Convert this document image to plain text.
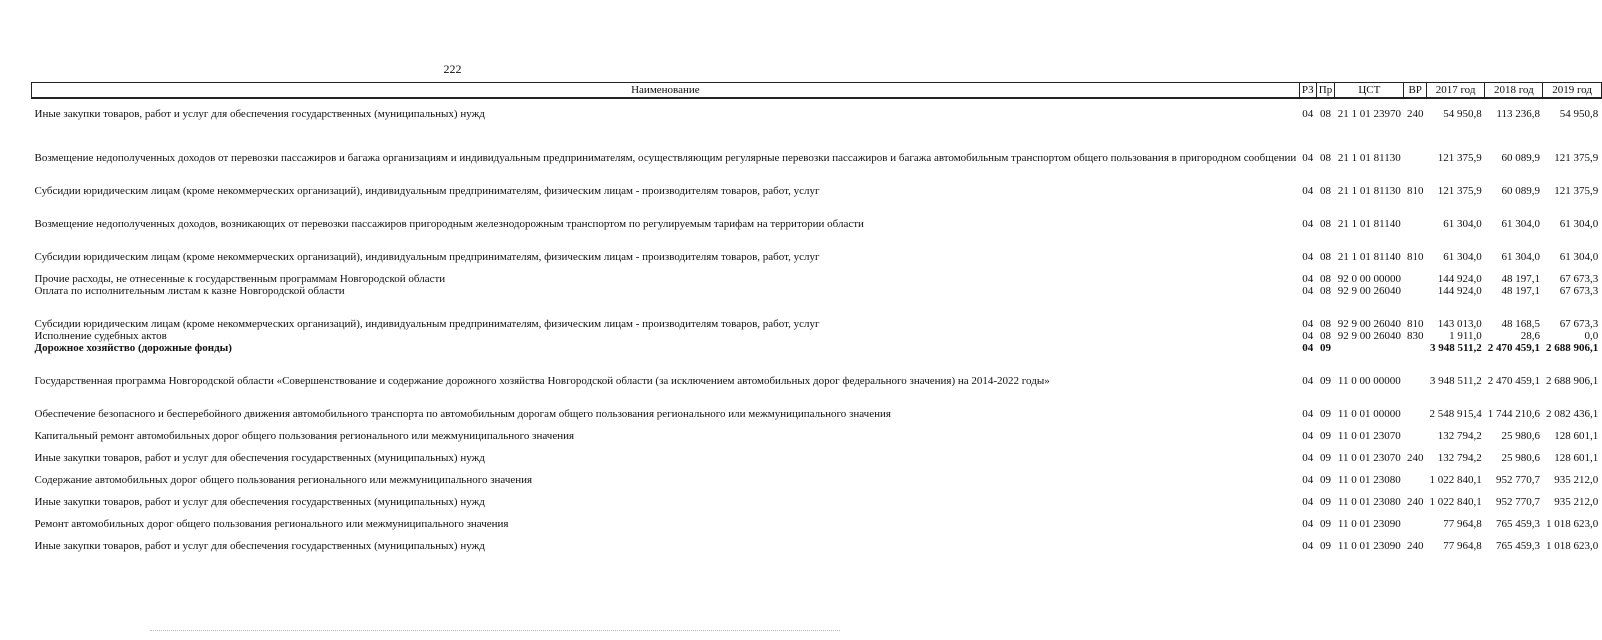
222
Наименование	РЗ	Пр	ЦСТ	ВР	2017 год	2018 год	2019 год
Иные закупки товаров, работ и услуг для обеспечения государственных (муниципальных) нужд	04	08	21 1 01 23970	240	54 950,8	113 236,8	54 950,8
Возмещение недополученных доходов от перевозки пассажиров и багажа организациям и индивидуальным предпринимателям, осуществляющим регулярные перевозки пассажиров и багажа автомобильным транспортом общего пользования в пригородном сообщении	04	08	21 1 01 81130		121 375,9	60 089,9	121 375,9
Субсидии юридическим лицам (кроме некоммерческих организаций), индивидуальным предпринимателям, физическим лицам - производителям товаров, работ, услуг	04	08	21 1 01 81130	810	121 375,9	60 089,9	121 375,9
Возмещение недополученных доходов, возникающих от перевозки пассажиров пригородным железнодорожным транспортом по регулируемым тарифам на территории области	04	08	21 1 01 81140		61 304,0	61 304,0	61 304,0
Субсидии юридическим лицам (кроме некоммерческих организаций), индивидуальным предпринимателям, физическим лицам - производителям товаров, работ, услуг	04	08	21 1 01 81140	810	61 304,0	61 304,0	61 304,0
Прочие расходы, не отнесенные к государственным программам Новгородской области	04	08	92 0 00 00000		144 924,0	48 197,1	67 673,3
Оплата по исполнительным листам к казне Новгородской области	04	08	92 9 00 26040		144 924,0	48 197,1	67 673,3
Субсидии юридическим лицам (кроме некоммерческих организаций), индивидуальным предпринимателям, физическим лицам - производителям товаров, работ, услуг	04	08	92 9 00 26040	810	143 013,0	48 168,5	67 673,3
Исполнение судебных актов	04	08	92 9 00 26040	830	1 911,0	28,6	0,0
Дорожное хозяйство (дорожные фонды)	04	09			3 948 511,2	2 470 459,1	2 688 906,1
Государственная программа Новгородской области «Совершенствование и содержание дорожного хозяйства Новгородской области (за исключением автомобильных дорог федерального значения) на 2014-2022 годы»	04	09	11 0 00 00000		3 948 511,2	2 470 459,1	2 688 906,1
Обеспечение безопасного и бесперебойного движения автомобильного транспорта по автомобильным дорогам общего пользования регионального или межмуниципального значения	04	09	11 0 01 00000		2 548 915,4	1 744 210,6	2 082 436,1
Капитальный ремонт автомобильных дорог общего пользования регионального или межмуниципального значения	04	09	11 0 01 23070		132 794,2	25 980,6	128 601,1
Иные закупки товаров, работ и услуг для обеспечения государственных (муниципальных) нужд	04	09	11 0 01 23070	240	132 794,2	25 980,6	128 601,1
Содержание автомобильных дорог общего пользования регионального или межмуниципального значения	04	09	11 0 01 23080		1 022 840,1	952 770,7	935 212,0
Иные закупки товаров, работ и услуг для обеспечения государственных (муниципальных) нужд	04	09	11 0 01 23080	240	1 022 840,1	952 770,7	935 212,0
Ремонт автомобильных дорог общего пользования регионального или межмуниципального значения	04	09	11 0 01 23090		77 964,8	765 459,3	1 018 623,0
Иные закупки товаров, работ и услуг для обеспечения государственных (муниципальных) нужд	04	09	11 0 01 23090	240	77 964,8	765 459,3	1 018 623,0
